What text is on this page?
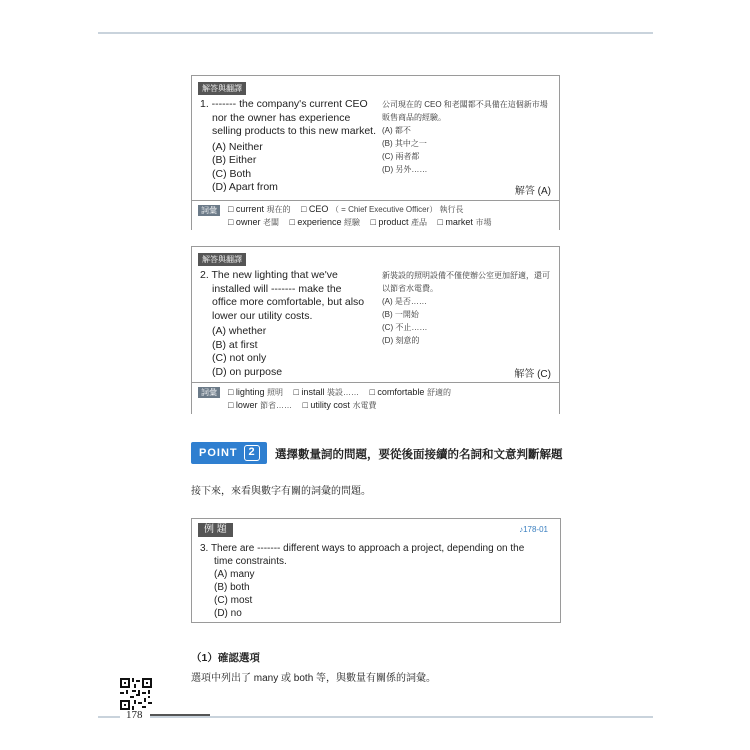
解答與翻譯
1. ------- the company's current CEO
nor the owner has experience
selling products to this new market.
(A) Neither
(B) Either
(C) Both
(D) Apart from
公司現在的 CEO 和老闆都不具備在這個新市場
販售商品的經驗。
(A) 都不
(B) 其中之一
(C) 兩者都
(D) 另外……
解答 (A)
詞彙	□ current 現在的 □ CEO （ = Chief Executive Officer） 執行長
□ owner 老闆 □ experience 經驗 □ product 產品 □ market 市場
解答與翻譯
2. The new lighting that we've
installed will ------- make the
office more comfortable, but also
lower our utility costs.
(A) whether
(B) at first
(C) not only
(D) on purpose
新裝設的照明設備不僅使辦公室更加舒適，還可
以節省水電費。
(A) 是否……
(B) 一開始
(C) 不止……
(D) 刻意的
解答 (C)
詞彙	□ lighting 照明 □ install 裝設…… □ comfortable 舒適的
□ lower 節省…… □ utility cost 水電費
POINT 2	選擇數量詞的問題，要從後面接續的名詞和文意判斷解題
接下來，來看與數字有關的詞彙的問題。
例 題	♪178-01
3. There are ------- different ways to approach a project, depending on the
time constraints.
(A) many
(B) both
(C) most
(D) no
（1）確認選項
選項中列出了 many 或 both 等，與數量有關係的詞彙。
178
